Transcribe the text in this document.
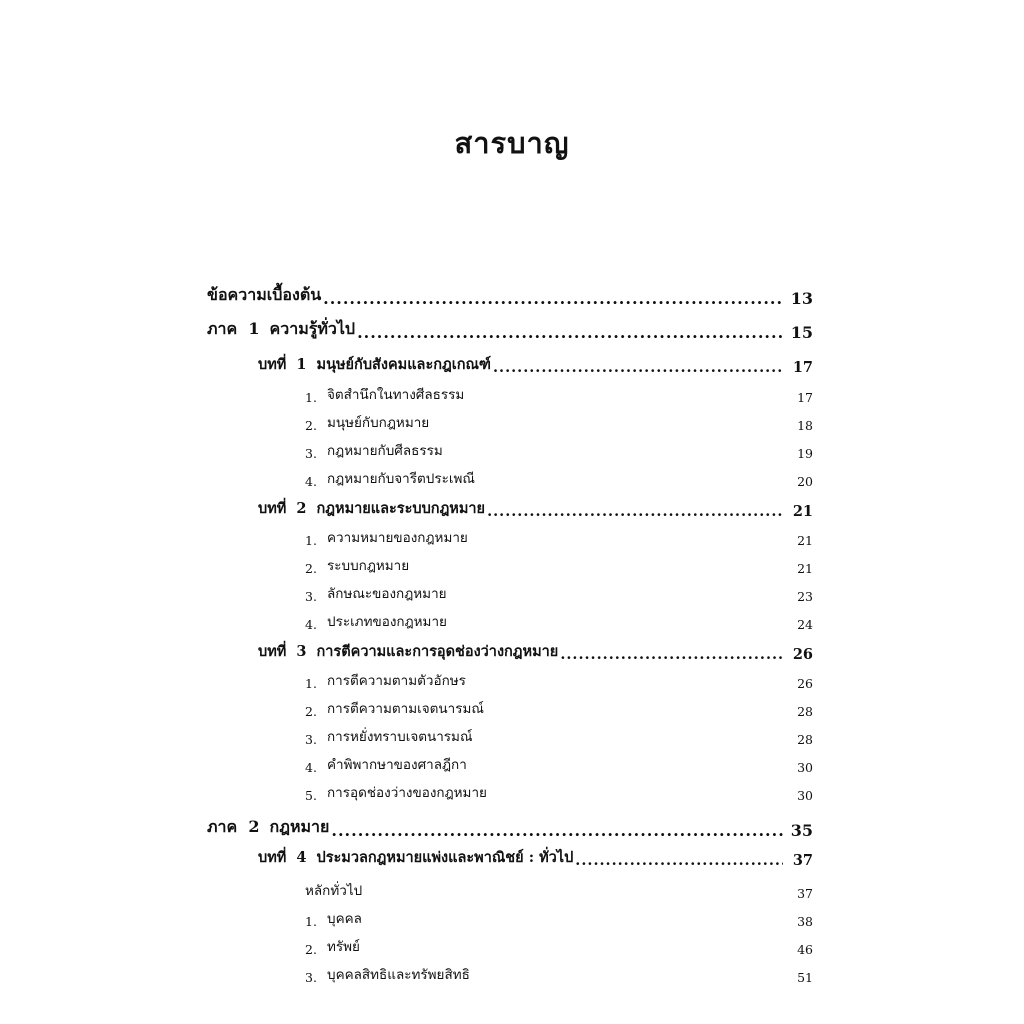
สารบาญ
ข้อความเบื้องต้น .....	13
ภาค  1 ความรู้ทั่วไป .....	15
บทที่  1 มนุษย์กับสังคมและกฎเกณฑ์ .....	17
1. จิตสำนึกในทางศีลธรรม	17
2. มนุษย์กับกฎหมาย	18
3. กฎหมายกับศีลธรรม	19
4. กฎหมายกับจารีตประเพณี	20
บทที่  2 กฎหมายและระบบกฎหมาย .....	21
1. ความหมายของกฎหมาย	21
2. ระบบกฎหมาย	21
3. ลักษณะของกฎหมาย	23
4. ประเภทของกฎหมาย	24
บทที่  3 การตีความและการอุดช่องว่างกฎหมาย .....	26
1. การตีความตามตัวอักษร	26
2. การตีความตามเจตนารมณ์	28
3. การหยั่งทราบเจตนารมณ์	28
4. คำพิพากษาของศาลฎีกา	30
5. การอุดช่องว่างของกฎหมาย	30
ภาค  2 กฎหมาย .....	35
บทที่  4 ประมวลกฎหมายแพ่งและพาณิชย์ : ทั่วไป .....	37
หลักทั่วไป	37
1. บุคคล	38
2. ทรัพย์	46
3. บุคคลสิทธิและทรัพยสิทธิ	51
